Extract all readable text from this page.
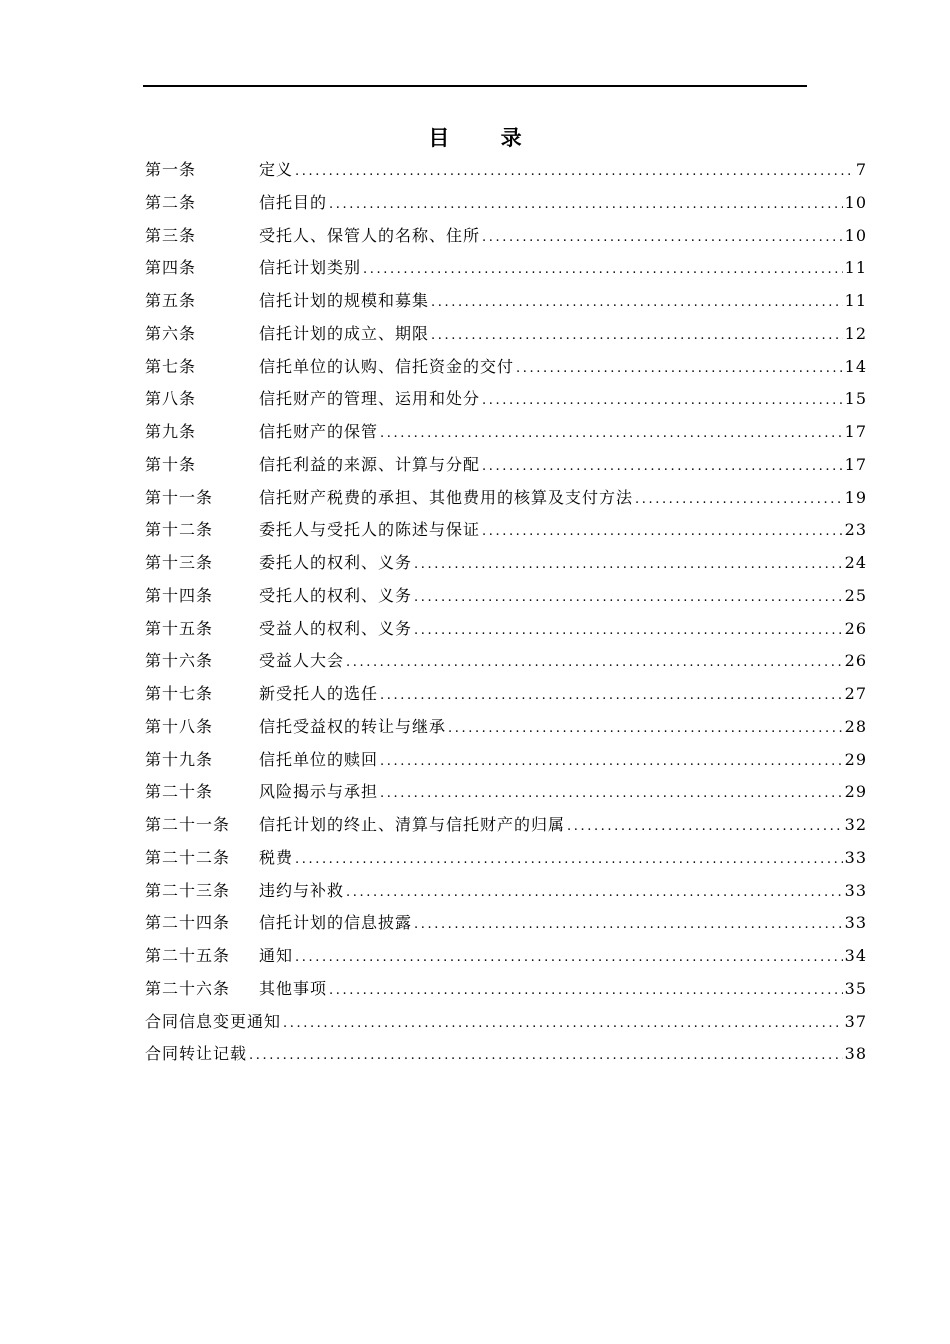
目 录
第一条	定义 .....	7
第二条	信托目的 .....	10
第三条	受托人、保管人的名称、住所 .....	10
第四条	信托计划类别 .....	11
第五条	信托计划的规模和募集 .....	11
第六条	信托计划的成立、期限 .....	12
第七条	信托单位的认购、信托资金的交付 .....	14
第八条	信托财产的管理、运用和处分 .....	15
第九条	信托财产的保管 .....	17
第十条	信托利益的来源、计算与分配 .....	17
第十一条	信托财产税费的承担、其他费用的核算及支付方法 .....	19
第十二条	委托人与受托人的陈述与保证 .....	23
第十三条	委托人的权利、义务 .....	24
第十四条	受托人的权利、义务 .....	25
第十五条	受益人的权利、义务 .....	26
第十六条	受益人大会 .....	26
第十七条	新受托人的选任 .....	27
第十八条	信托受益权的转让与继承 .....	28
第十九条	信托单位的赎回 .....	29
第二十条	风险揭示与承担 .....	29
第二十一条	信托计划的终止、清算与信托财产的归属 .....	32
第二十二条	税费 .....	33
第二十三条	违约与补救 .....	33
第二十四条	信托计划的信息披露 .....	33
第二十五条	通知 .....	34
第二十六条	其他事项 .....	35
合同信息变更通知 .....	37
合同转让记载 .....	38
